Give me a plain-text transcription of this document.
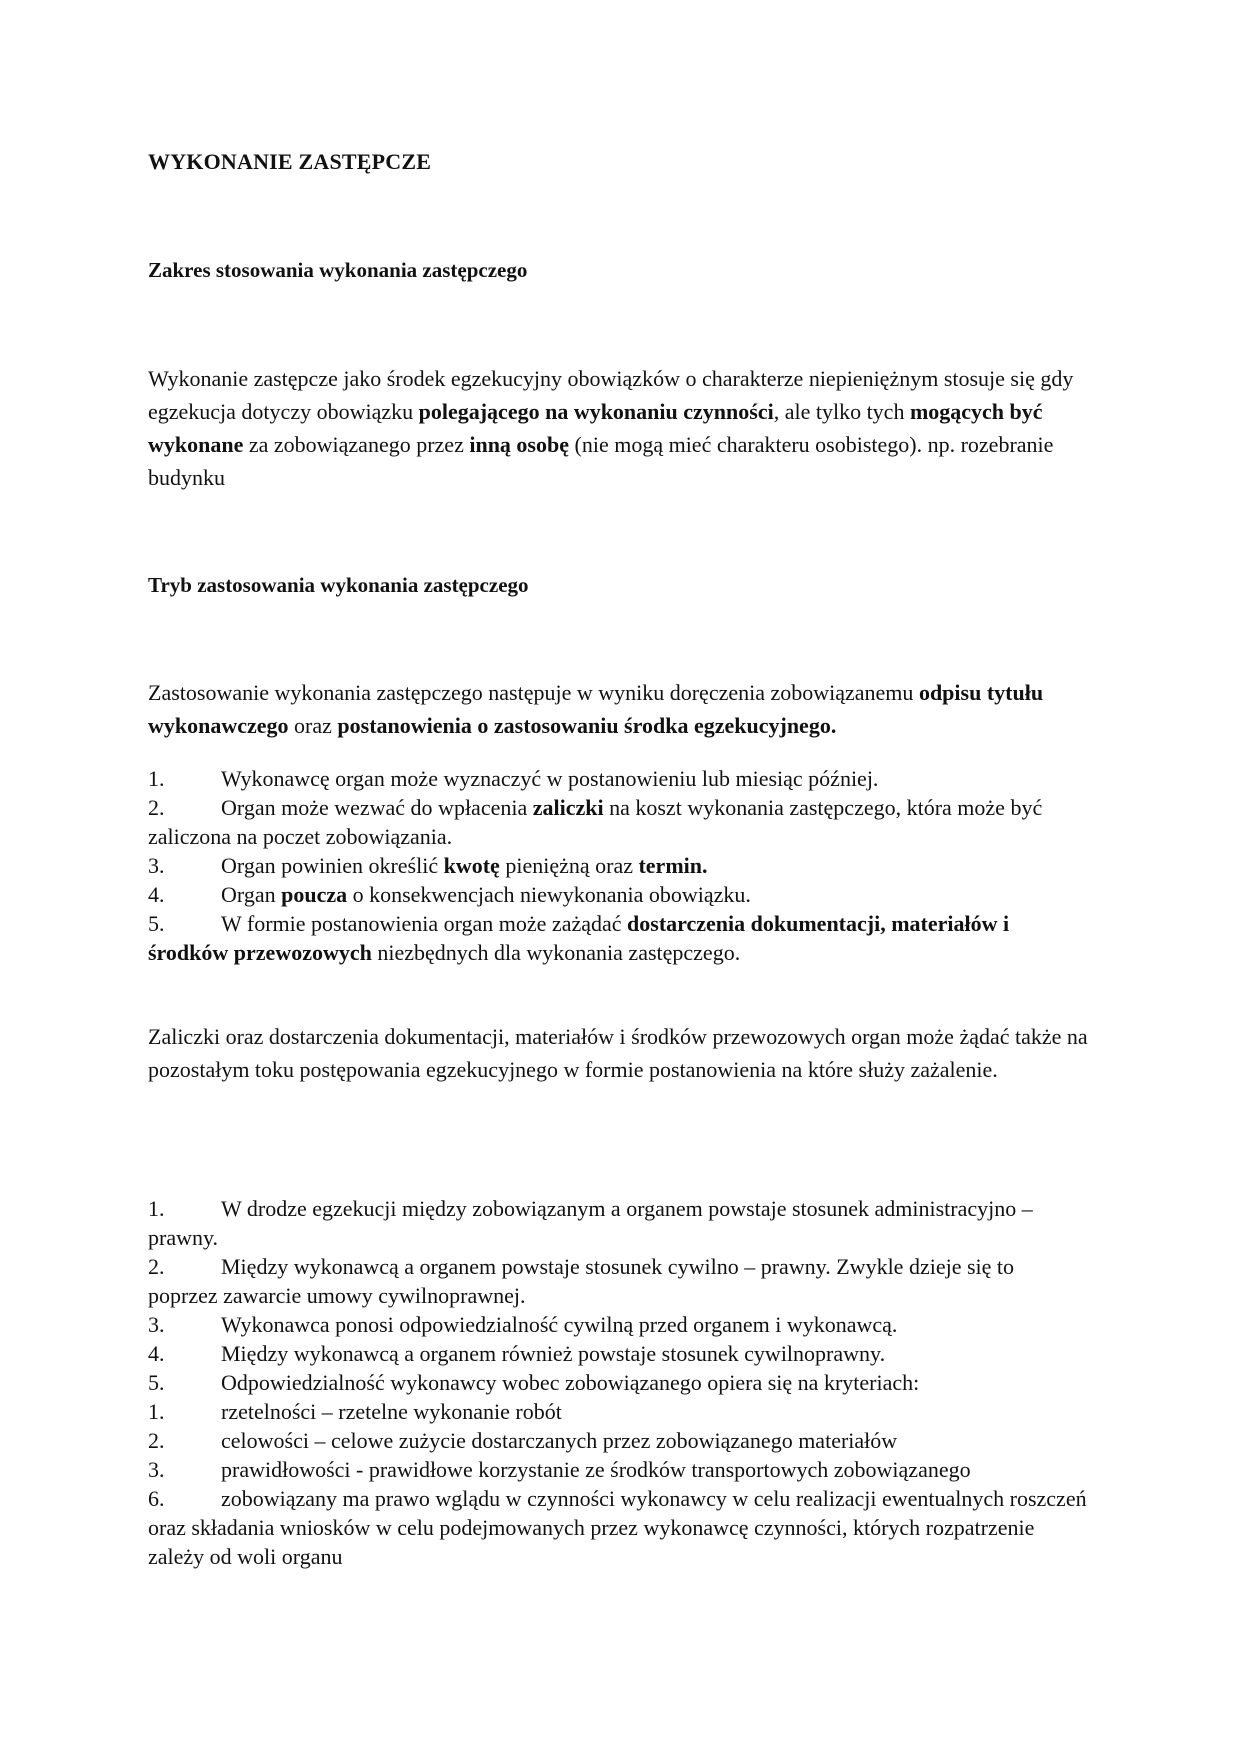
WYKONANIE ZASTĘPCZE
Zakres stosowania wykonania zastępczego

Wykonanie zastępcze jako środek egzekucyjny obowiązków o charakterze niepieniężnym stosuje się gdy egzekucja dotyczy obowiązku polegającego na wykonaniu czynności, ale tylko tych mogących być wykonane za zobowiązanego przez inną osobę (nie mogą mieć charakteru osobistego). np. rozebranie budynku

Tryb zastosowania wykonania zastępczego

Zastosowanie wykonania zastępczego następuje w wyniku doręczenia zobowiązanemu odpisu tytułu wykonawczego oraz postanowienia o zastosowaniu środka egzekucyjnego.

1.	Wykonawcę organ może wyznaczyć w postanowieniu lub miesiąc później.
2.	Organ może wezwać do wpłacenia zaliczki na koszt wykonania zastępczego, która może być zaliczona na poczet zobowiązania.
3.	Organ powinien określić kwotę pieniężną oraz termin.
4.	Organ poucza o konsekwencjach niewykonania obowiązku.
5.	W formie postanowienia organ może zażądać dostarczenia dokumentacji, materiałów i środków przewozowych niezbędnych dla wykonania zastępczego.

Zaliczki oraz dostarczenia dokumentacji, materiałów i środków przewozowych organ może żądać także na pozostałym toku postępowania egzekucyjnego w formie postanowienia na które służy zażalenie.

1.	W drodze egzekucji między zobowiązanym a organem powstaje stosunek administracyjno – prawny.
2.	Między wykonawcą a organem powstaje stosunek cywilno – prawny. Zwykle dzieje się to poprzez zawarcie umowy cywilnoprawnej.
3.	Wykonawca ponosi odpowiedzialność cywilną przed organem i wykonawcą.
4.	Między wykonawcą a organem również powstaje stosunek cywilnoprawny.
5.	Odpowiedzialność wykonawcy wobec zobowiązanego opiera się na kryteriach:
1.	rzetelności – rzetelne wykonanie robót
2.	celowości – celowe zużycie dostarczanych przez zobowiązanego materiałów
3.	prawidłowości - prawidłowe korzystanie ze środków transportowych zobowiązanego
6.	zobowiązany ma prawo wglądu w czynności wykonawcy w celu realizacji ewentualnych roszczeń oraz składania wniosków w celu podejmowanych przez wykonawcę czynności, których rozpatrzenie zależy od woli organu
